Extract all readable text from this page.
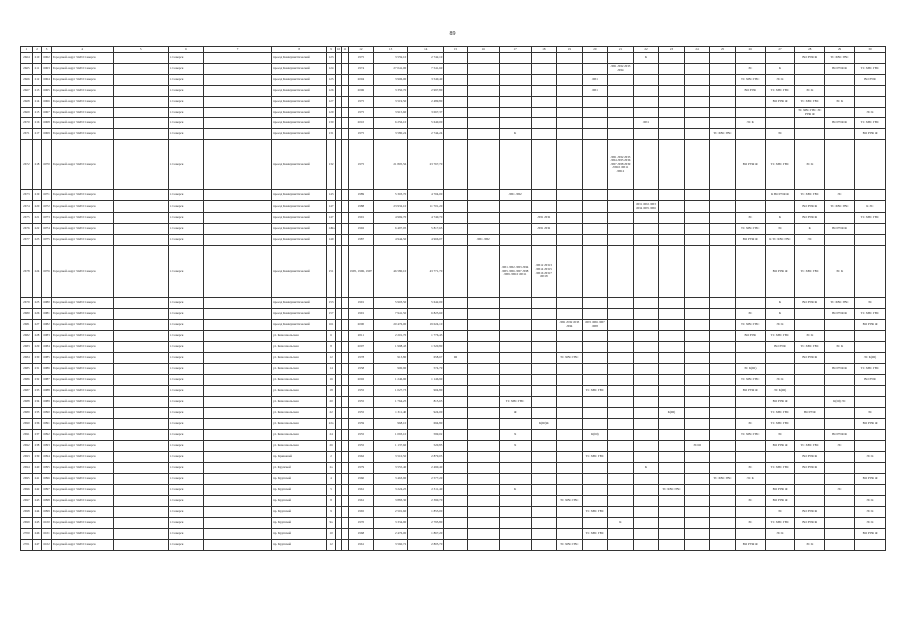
89
1	2	3	4	5	6	7	8	9	10	11	12	13	14	15	16	17	18	19	20	21	22	23	24	25	26	27	28	29	30
2664	210	6062	Городской округ ЗАТО Северск		г. Северск		проезд Коммунистический	123			1975	3 559,10	2 742,10								К						ВО РУФ Ф	ТС ХВС ГВС	
2665	211	6063	Городской округ ЗАТО Северск		г. Северск		проезд Коммунистический	124			1974	27 041,00	7 541,60							ЛП1 ЛП2 ЛП3 ЛП4					ЭС	К		ВО РУФ Ф	ТС ХВС ГВС
2666	212	6064	Городской округ ЗАТО Северск		г. Северск		проезд Коммунистический	125			2004	3 906,00	3 540,40						ЛП1						ТС ХВС ГВС	ЭС К			ВО РУФ
2667	213	6065	Городской округ ЗАТО Северск		г. Северск		проезд Коммунистический	126			2006	3 350,70	2 997,80						ЛП1						ВО РУФ	ТС ХВС ГВС	ЭС К		
2668	214	6066	Городской округ ЗАТО Северск		г. Северск		проезд Коммунистический	127			1975	3 519,50	2 489,80													ВО РУФ Ф	ТС ХВС ГВС	ЭС К	
2669	215	6067	Городской округ ЗАТО Северск		г. Северск		проезд Коммунистический	129			1975	3 915,60	3 067,37														ТС ХВС ГВС ЭС РУФ Ф		ЭС К
2670	216	6068	Городской округ ЗАТО Северск		г. Северск		проезд Коммунистический	130			2010	6 256,10	5 640,00								ЛП1				ЭС К			ВО РУФ Ф	ТС ХВС ГВС
2671	217	6069	Городской округ ЗАТО Северск		г. Северск		проезд Коммунистический	131			1975	3 580,24	2 744,24			К								ТС ХВС ГВС		ЭС			ВО РУФ Ф
2672	218	6070	Городской округ ЗАТО Северск		г. Северск		проезд Коммунистический	132			1975	21 805,56	23 767,70							ЛП1 ЛП2 ЛП3 ЛП4 ЛП5 ЛП6 ЛП7 ЛП8 ЛП9 ЛП10 ЛП11 ЛП12					ВО РУФ Ф	ТС ХВС ГВС	ЭС К		
2673	219	6071	Городской округ ЗАТО Северск		г. Северск		проезд Коммунистический	143			1989	5 303,70	4 704,00			ЛП1 ЛП2										К ВО РУФ Ф	ТС ХВС ГВС	ЭС	
2674	220	6072	Городской округ ЗАТО Северск		г. Северск		проезд Коммунистический	147			1988	23 932,10	11 701,20								ЛП1 ЛП2 ЛП3 ЛП4 ЛП5 ЛП6						ВО РУФ Ф	ТС ХВС ГВС	К ЭС
2675	221	6073	Городской округ ЗАТО Северск		г. Северск		проезд Коммунистический	147			1991	4 969,70	4 740,70				ЛП1 ЛП2								ЭС	К	ВО РУФ Ф		ТС ХВС ГВС
2676	222	6074	Городской округ ЗАТО Северск		г. Северск		проезд Коммунистический	149а			1992	6 497,05	5 817,65				ЛП1 ЛП2								ТС ХВС ГВС	ЭС	К	ВО РУФ Ф	
2677	223	6075	Городской округ ЗАТО Северск		г. Северск		проезд Коммунистический	149			1987	4 944,50	4 966,07		ЛП1 ЛП2										ВО РУФ Ф	К ТС ХВС ГВС	ЭС		
2678	224	6076	Городской округ ЗАТО Северск		г. Северск		проезд Коммунистический	151			1995, 1996, 1997	46 580,10	43 771,70			ЛП1 ЛП2 ЛП3 ЛП4 ЛП5 ЛП6 ЛП7 ЛП8 ЛП9 ЛП10 ЛП11	ЛП12 ЛП13 ЛП14 ЛП15 ЛП16 ЛП17 ЛП18									ВО РУФ Ф	ТС ХВС ГВС	ЭС К	
2679	225	6080	Городской округ ЗАТО Северск		г. Северск		проезд Коммунистический	153			1991	5 903,50	5 642,00													К	ВО РУФ Ф	ТС ХВС ГВС	ЭС
2680	226	6081	Городской округ ЗАТО Северск		г. Северск		проезд Коммунистический	157			1991	7 941,50	6 823,60												ЭС	К		ВО РУФ Ф	ТС ХВС ГВС
2681	227	6082	Городской округ ЗАТО Северск		г. Северск		проезд Коммунистический	161			2000	20 476,00	19 024,10					ЛП1 ЛП2 ЛП3 ЛП4	ЛП5 ЛП6 ЛП7 ЛП8						ТС ХВС ГВС	ЭС К			ВО РУФ Ф
2682	228	6083	Городской округ ЗАТО Северск		г. Северск		ул. Комсомольская	6			2011	2 201,70	1 776,43												ВО РУФ	ТС ХВС ГВС	ЭС К		
2683	229	6084	Городской округ ЗАТО Северск		г. Северск		ул. Комсомольская	8			2007	1 998,43	1 520,80													ВО РУФ	ТС ХВС ГВС	ЭС К	
2684	230	6085	Городской округ ЗАТО Северск		г. Северск		ул. Комсомольская	12			1978	913,80	658,67	Ш				ТС ХВС ГВС									ВО РУФ Ф		ЭС К(Ш)
2685	231	6086	Городской округ ЗАТО Северск		г. Северск		ул. Комсомольская	14			1958	900,90	574,79												ЭС К(Ш)			ВО РУФ Ф	ТС ХВС ГВС
2686	232	6087	Городской округ ЗАТО Северск		г. Северск		ул. Комсомольская	16			2002	1 246,90	1 146,90												ТС ХВС ГВС	ЭС К			ВО РУФ
2687	233	6088	Городской округ ЗАТО Северск		г. Северск		ул. Комсомольская	18			1955	1 027,73	904,80						ТС ХВС ГВС						ВО РУФ Ф	ЭС К(Ш)			
2688	234	6089	Городской округ ЗАТО Северск		г. Северск		ул. Комсомольская	20			1955	1 764,25	815,65			ТС ХВС ГВС										ВО РУФ Ф		К(Ш) ЭС	
2689	235	6090	Городской округ ЗАТО Северск		г. Северск		ул. Комсомольская	22			1955	1 311,40	924,00			Ф						К(Ш)				ТС ХВС ГВС	ВО РУФ		ЭС
2690	236	6091	Городской округ ЗАТО Северск		г. Северск		ул. Комсомольская	22а			1959	968,10	694,80				К(Ш)К								ЭС	ТС ХВС ГВС			ВО РУФ Ф
2691	237	6092	Городской округ ЗАТО Северск		г. Северск		ул. Комсомольская	24			1955	1 093,10	599,02			Х			К(Ш)						ТС ХВС ГВС	ЭС		ВО РУФ Ф	
2692	238	6093	Городской округ ЗАТО Северск		г. Северск		ул. Комсомольская	26			1955	1 137,60	520,85			Х							ЭСШ			ВО РУФ Ф	ТС ХВС ГВС	ЭС	
2693	239	6094	Городской округ ЗАТО Северск		г. Северск		пр. Кривошей	2			1962	3 510,50	2 879,05						ТС ХВС ГВС								ВО РУФ Ф		ЭС К
2694	240	6095	Городской округ ЗАТО Северск		г. Северск		ул. Крупской	2а			1979	3 555,40	2 490,40								К				ЭС	ТС ХВС ГВС	ВО РУФ Ф		
2695	241	6096	Городской округ ЗАТО Северск		г. Северск		пр. Крупской	4			1960	3 463,90	2 577,20											ТС ХВС ГВС	ЭС К				ВО РУФ Ф
2696	242	6097	Городской округ ЗАТО Северск		г. Северск		пр. Крупской	5			1961	3 224,25	2 311,40			К						ТС ХВС ГВС				ВО РУФ Ф		ЭС	
2697	243	6098	Городской округ ЗАТО Северск		г. Северск		пр. Крупской	8			1961	3 883,30	2 390,70					ТС ХВС ГВС							ЭС	ВО РУФ Ф			ЭС К
2698	244	6099	Городской округ ЗАТО Северск		г. Северск		пр. Крупской	9			1965	2 501,60	1 853,00						ТС ХВС ГВС							ЭС	ВО РУФ Ф		ЭС К
2699	245	6100	Городской округ ЗАТО Северск		г. Северск		пр. Крупской	9а			1970	3 334,90	2 795,80							К					ЭС	ТС ХВС ГВС	ВО РУФ Ф		ЭС К
2700	246	6101	Городской округ ЗАТО Северск		г. Северск		пр. Крупской	10			1968	2 476,00	1 867,20						ТС ХВС ГВС							ЭС К			ВО РУФ Ф
2701	247	6102	Городской округ ЗАТО Северск		г. Северск		пр. Крупской	12			1961	3 560,72	2 805,70					ТС ХВС ГВС							ВО РУФ Ф		ЭС К		
